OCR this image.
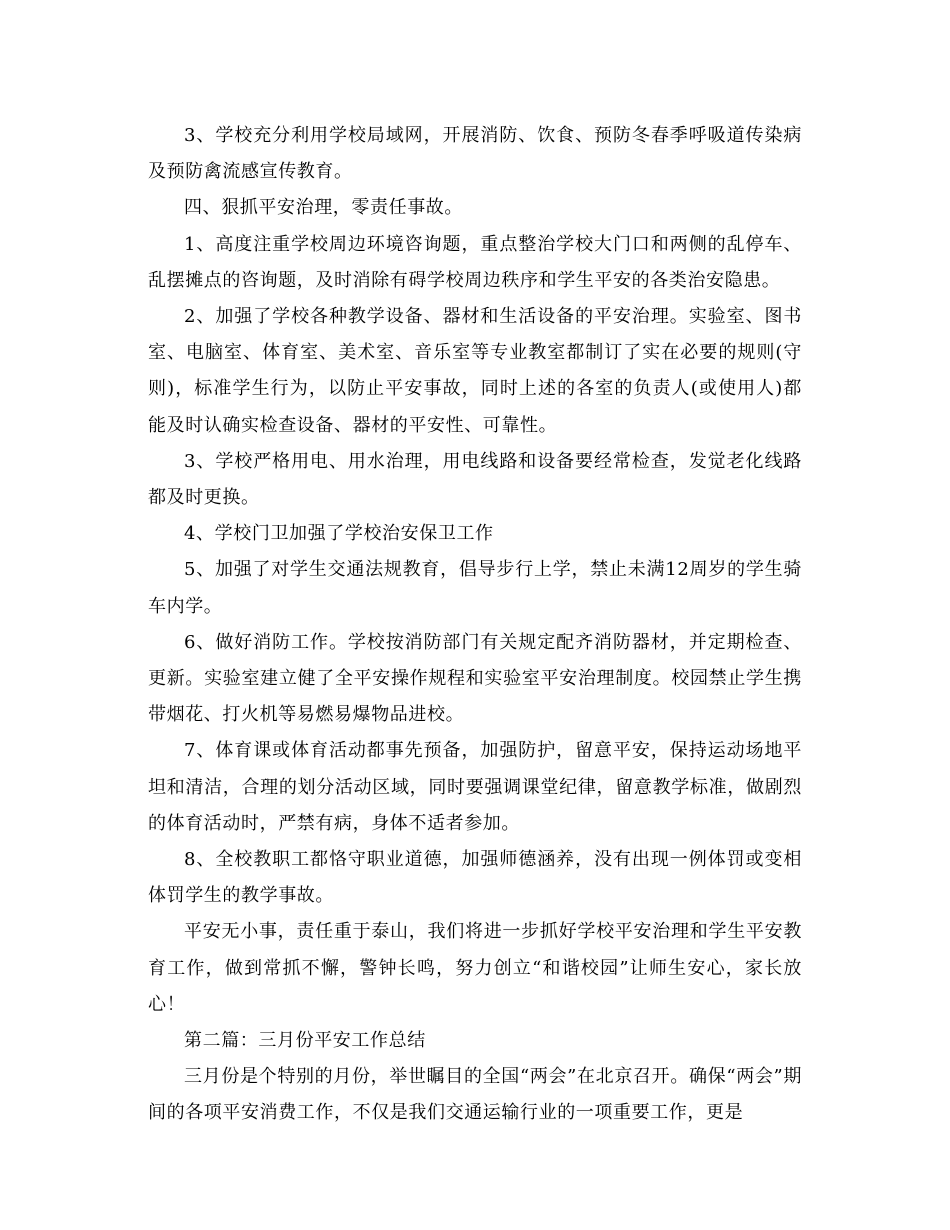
3、学校充分利用学校局域网，开展消防、饮食、预防冬春季呼吸道传染病及预防禽流感宣传教育。

四、狠抓平安治理，零责任事故。

1、高度注重学校周边环境咨询题，重点整治学校大门口和两侧的乱停车、乱摆摊点的咨询题，及时消除有碍学校周边秩序和学生平安的各类治安隐患。

2、加强了学校各种教学设备、器材和生活设备的平安治理。实验室、图书室、电脑室、体育室、美术室、音乐室等专业教室都制订了实在必要的规则(守则)，标准学生行为，以防止平安事故，同时上述的各室的负责人(或使用人)都能及时认确实检查设备、器材的平安性、可靠性。

3、学校严格用电、用水治理，用电线路和设备要经常检查，发觉老化线路都及时更换。

4、学校门卫加强了学校治安保卫工作

5、加强了对学生交通法规教育，倡导步行上学，禁止未满12周岁的学生骑车内学。

6、做好消防工作。学校按消防部门有关规定配齐消防器材，并定期检查、更新。实验室建立健了全平安操作规程和实验室平安治理制度。校园禁止学生携带烟花、打火机等易燃易爆物品进校。

7、体育课或体育活动都事先预备，加强防护，留意平安，保持运动场地平坦和清洁，合理的划分活动区域，同时要强调课堂纪律，留意教学标准，做剧烈的体育活动时，严禁有病，身体不适者参加。

8、全校教职工都恪守职业道德，加强师德涵养，没有出现一例体罚或变相体罚学生的教学事故。

平安无小事，责任重于泰山，我们将进一步抓好学校平安治理和学生平安教育工作，做到常抓不懈，警钟长鸣，努力创立“和谐校园”让师生安心，家长放心！

第二篇：三月份平安工作总结

三月份是个特别的月份，举世瞩目的全国“两会”在北京召开。确保“两会”期间的各项平安消费工作，不仅是我们交通运输行业的一项重要工作，更是
